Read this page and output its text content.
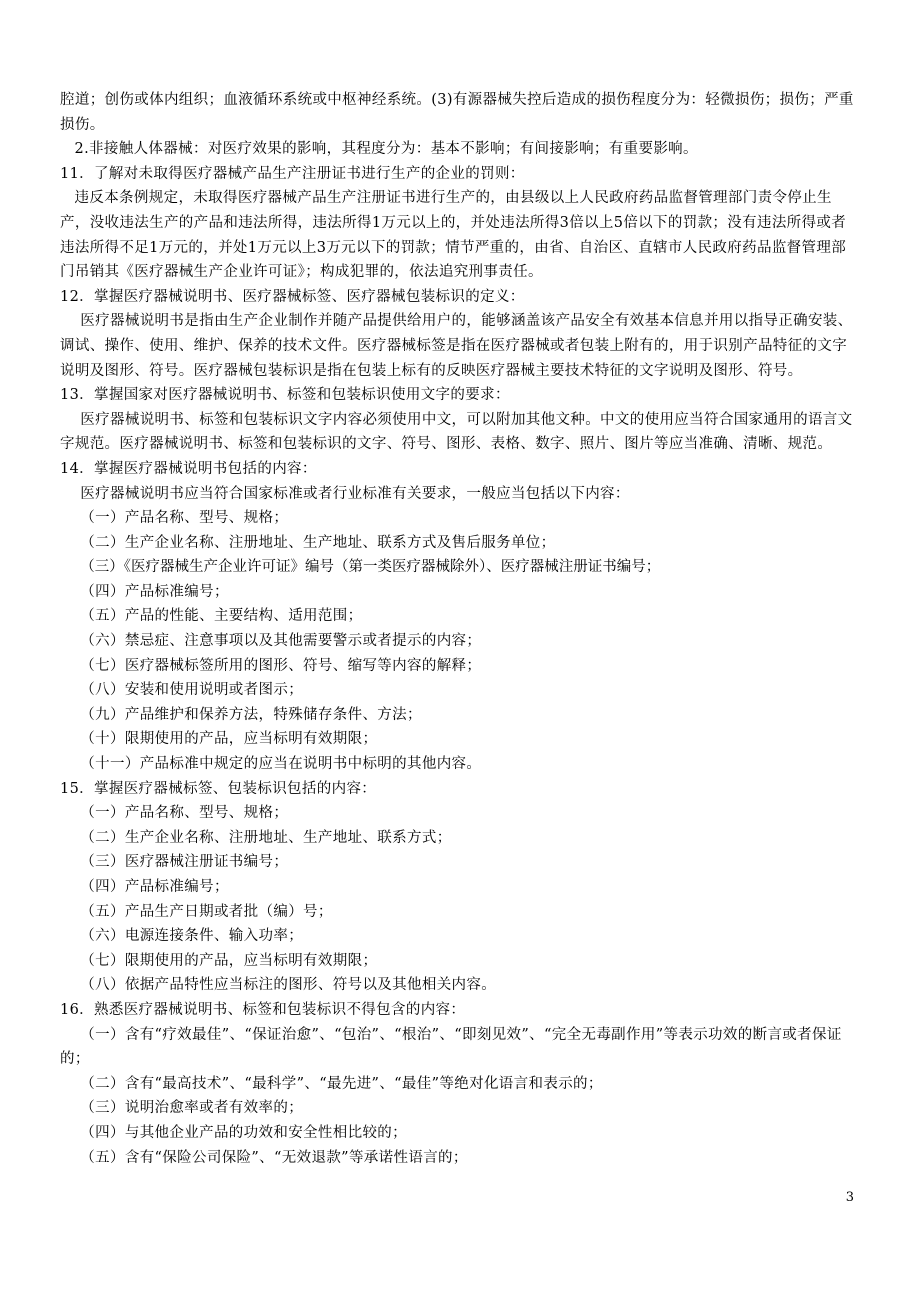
腔道；创伤或体内组织；血液循环系统或中枢神经系统。(3)有源器械失控后造成的损伤程度分为：轻微损伤；损伤；严重损伤。

2.非接触人体器械：对医疗效果的影响，其程度分为：基本不影响；有间接影响；有重要影响。

11．了解对未取得医疗器械产品生产注册证书进行生产的企业的罚则：

违反本条例规定，未取得医疗器械产品生产注册证书进行生产的，由县级以上人民政府药品监督管理部门责令停止生产，没收违法生产的产品和违法所得，违法所得1万元以上的，并处违法所得3倍以上5倍以下的罚款；没有违法所得或者违法所得不足1万元的，并处1万元以上3万元以下的罚款；情节严重的，由省、自治区、直辖市人民政府药品监督管理部门吊销其《医疗器械生产企业许可证》；构成犯罪的，依法追究刑事责任。

12．掌握医疗器械说明书、医疗器械标签、医疗器械包装标识的定义：

医疗器械说明书是指由生产企业制作并随产品提供给用户的，能够涵盖该产品安全有效基本信息并用以指导正确安装、调试、操作、使用、维护、保养的技术文件。医疗器械标签是指在医疗器械或者包装上附有的，用于识别产品特征的文字说明及图形、符号。医疗器械包装标识是指在包装上标有的反映医疗器械主要技术特征的文字说明及图形、符号。

13．掌握国家对医疗器械说明书、标签和包装标识使用文字的要求：

医疗器械说明书、标签和包装标识文字内容必须使用中文，可以附加其他文种。中文的使用应当符合国家通用的语言文字规范。医疗器械说明书、标签和包装标识的文字、符号、图形、表格、数字、照片、图片等应当准确、清晰、规范。

14．掌握医疗器械说明书包括的内容：

医疗器械说明书应当符合国家标准或者行业标准有关要求，一般应当包括以下内容：

（一）产品名称、型号、规格；

（二）生产企业名称、注册地址、生产地址、联系方式及售后服务单位；

（三）《医疗器械生产企业许可证》编号（第一类医疗器械除外）、医疗器械注册证书编号；

（四）产品标准编号；

（五）产品的性能、主要结构、适用范围；

（六）禁忌症、注意事项以及其他需要警示或者提示的内容；

（七）医疗器械标签所用的图形、符号、缩写等内容的解释；

（八）安装和使用说明或者图示；

（九）产品维护和保养方法，特殊储存条件、方法；

（十）限期使用的产品，应当标明有效期限；

（十一）产品标准中规定的应当在说明书中标明的其他内容。

15．掌握医疗器械标签、包装标识包括的内容：

（一）产品名称、型号、规格；

（二）生产企业名称、注册地址、生产地址、联系方式；

（三）医疗器械注册证书编号；

（四）产品标准编号；

（五）产品生产日期或者批（编）号；

（六）电源连接条件、输入功率；

（七）限期使用的产品，应当标明有效期限；

（八）依据产品特性应当标注的图形、符号以及其他相关内容。

16．熟悉医疗器械说明书、标签和包装标识不得包含的内容：

（一）含有“疗效最佳”、“保证治愈”、“包治”、“根治”、“即刻见效”、“完全无毒副作用”等表示功效的断言或者保证的；

（二）含有“最高技术”、“最科学”、“最先进”、“最佳”等绝对化语言和表示的；

（三）说明治愈率或者有效率的；

（四）与其他企业产品的功效和安全性相比较的；

（五）含有“保险公司保险”、“无效退款”等承诺性语言的；

3
